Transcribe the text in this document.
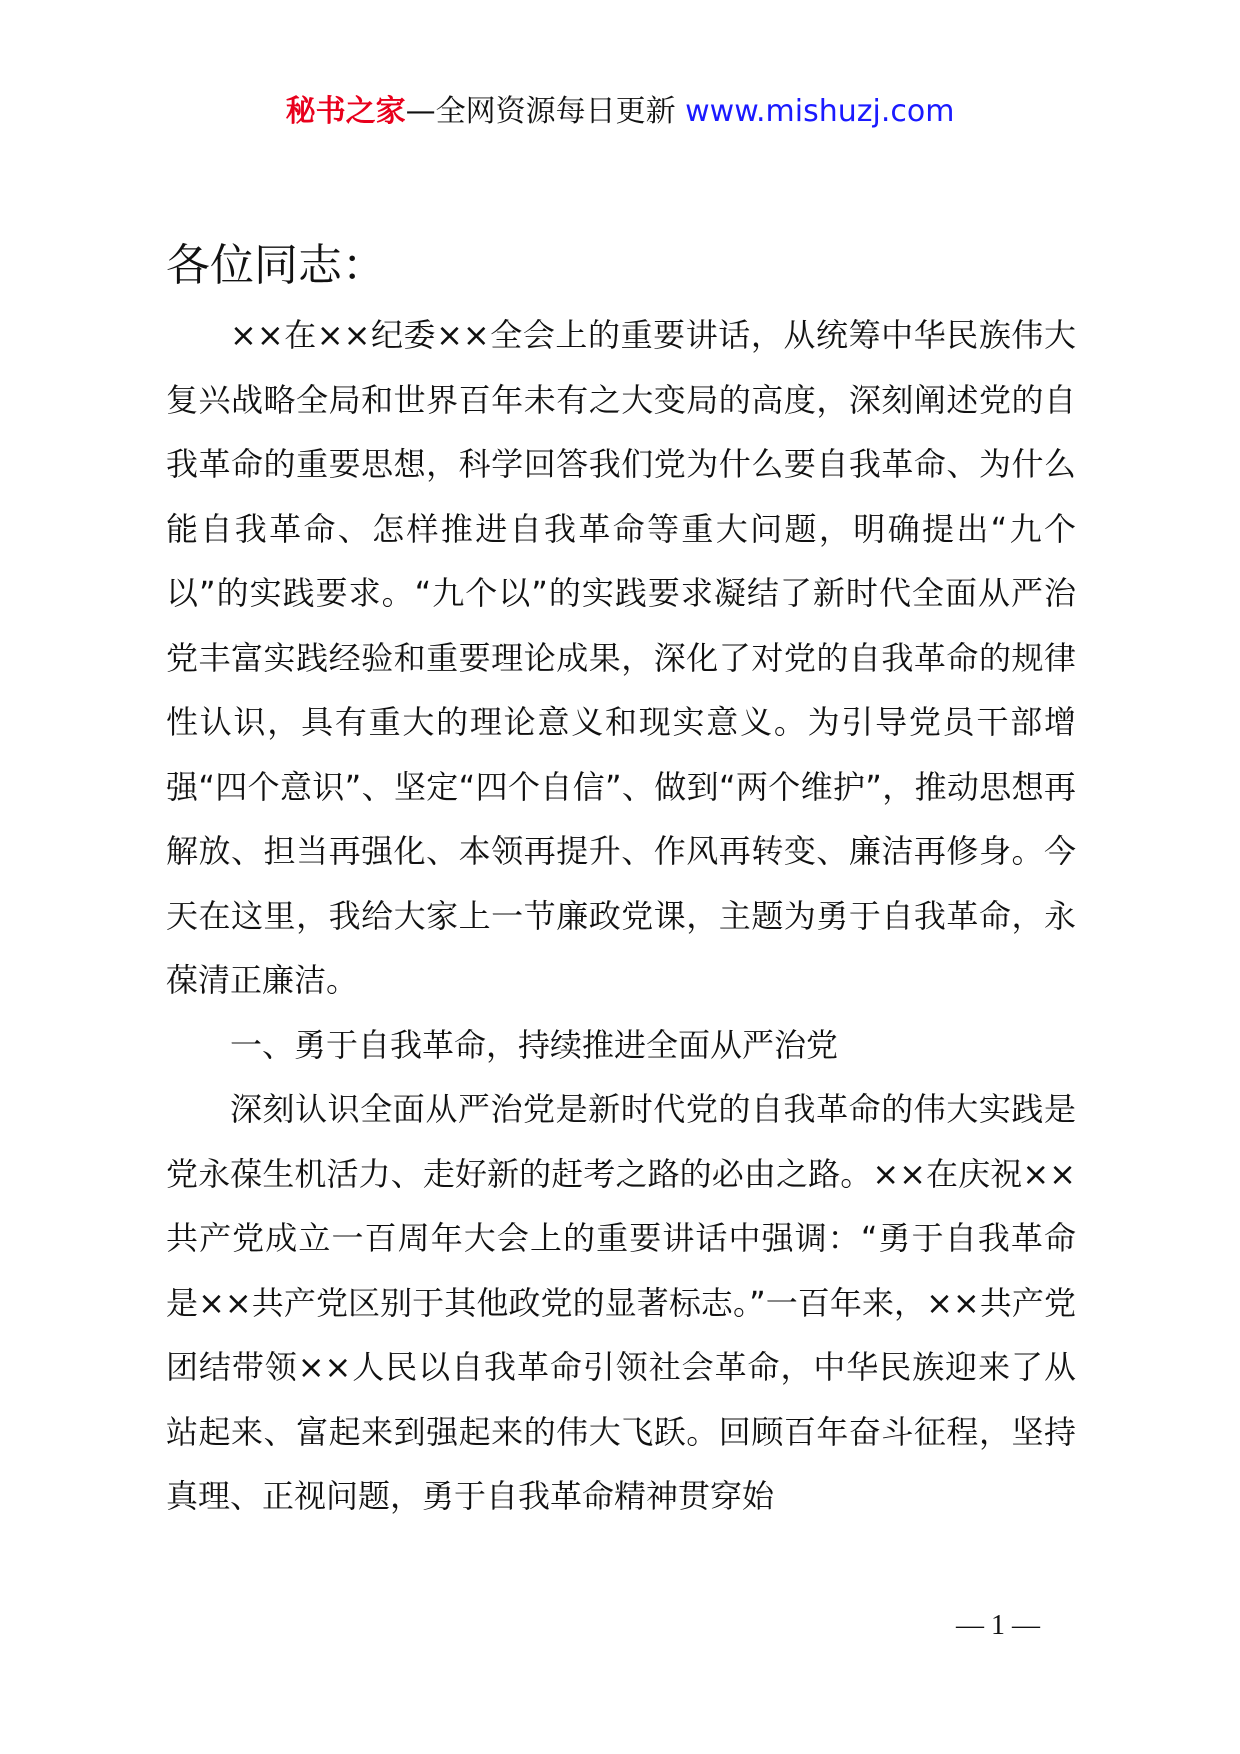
秘书之家—全网资源每日更新 www.mishuzj.com
各位同志：

××在××纪委××全会上的重要讲话，从统筹中华民族伟大复兴战略全局和世界百年未有之大变局的高度，深刻阐述党的自我革命的重要思想，科学回答我们党为什么要自我革命、为什么能自我革命、怎样推进自我革命等重大问题，明确提出“九个以”的实践要求。“九个以”的实践要求凝结了新时代全面从严治党丰富实践经验和重要理论成果，深化了对党的自我革命的规律性认识，具有重大的理论意义和现实意义。为引导党员干部增强“四个意识”、坚定“四个自信”、做到“两个维护”，推动思想再解放、担当再强化、本领再提升、作风再转变、廉洁再修身。今天在这里，我给大家上一节廉政党课，主题为勇于自我革命，永葆清正廉洁。

一、勇于自我革命，持续推进全面从严治党

深刻认识全面从严治党是新时代党的自我革命的伟大实践是党永葆生机活力、走好新的赶考之路的必由之路。××在庆祝××共产党成立一百周年大会上的重要讲话中强调：“勇于自我革命是××共产党区别于其他政党的显著标志。”一百年来，××共产党团结带领××人民以自我革命引领社会革命，中华民族迎来了从站起来、富起来到强起来的伟大飞跃。回顾百年奋斗征程，坚持真理、正视问题，勇于自我革命精神贯穿始

— 1 —
